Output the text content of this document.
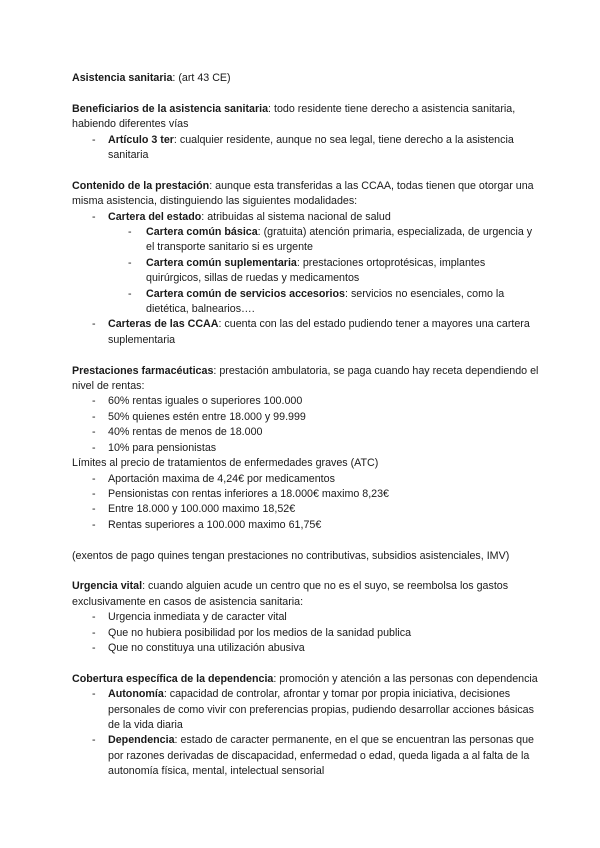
Asistencia sanitaria: (art 43 CE)

Beneficiarios de la asistencia sanitaria: todo residente tiene derecho a asistencia sanitaria, habiendo diferentes vías

- Artículo 3 ter: cualquier residente, aunque no sea legal, tiene derecho a la asistencia sanitaria

Contenido de la prestación: aunque esta transferidas a las CCAA, todas tienen que otorgar una misma asistencia, distinguiendo las siguientes modalidades:

- Cartera del estado: atribuidas al sistema nacional de salud
- Cartera común básica: (gratuita) atención primaria, especializada, de urgencia y el transporte sanitario si es urgente
- Cartera común suplementaria: prestaciones ortoprotésicas, implantes quirúrgicos, sillas de ruedas y medicamentos
- Cartera común de servicios accesorios: servicios no esenciales, como la dietética, balnearios….
- Carteras de las CCAA: cuenta con las del estado pudiendo tener a mayores una cartera suplementaria

Prestaciones farmacéuticas: prestación ambulatoria, se paga cuando hay receta dependiendo el nivel de rentas:

- 60% rentas iguales o superiores 100.000
- 50% quienes estén entre 18.000 y 99.999
- 40% rentas de menos de 18.000
- 10% para pensionistas

Límites al precio de tratamientos de enfermedades graves (ATC)

- Aportación maxima de 4,24€ por medicamentos
- Pensionistas con rentas inferiores a 18.000€ maximo 8,23€
- Entre 18.000 y 100.000 maximo 18,52€
- Rentas superiores a 100.000 maximo 61,75€

(exentos de pago quines tengan prestaciones no contributivas, subsidios asistenciales, IMV)

Urgencia vital: cuando alguien acude un centro que no es el suyo, se reembolsa los gastos exclusivamente en casos de asistencia sanitaria:

- Urgencia inmediata y de caracter vital
- Que no hubiera posibilidad por los medios de la sanidad publica
- Que no constituya una utilización abusiva

Cobertura específica de la dependencia: promoción y atención a las personas con dependencia

- Autonomía: capacidad de controlar, afrontar y tomar por propia iniciativa, decisiones personales de como vivir con preferencias propias, pudiendo desarrollar acciones básicas de la vida diaria
- Dependencia: estado de caracter permanente, en el que se encuentran las personas que por razones derivadas de discapacidad, enfermedad o edad, queda ligada a al falta de la autonomía física, mental, intelectual sensorial
